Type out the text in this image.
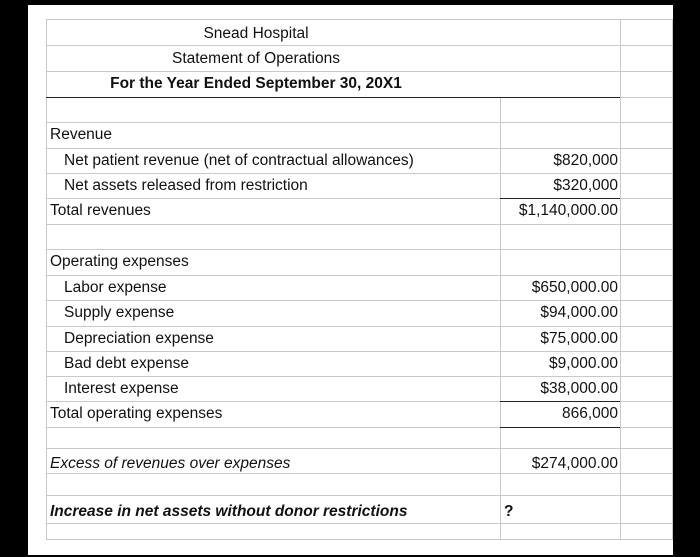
Snead Hospital
Statement of Operations
For the Year Ended September 30, 20X1
Revenue
Net patient revenue (net of contractual allowances)	$820,000
Net assets released from restriction	$320,000
Total revenues	$1,140,000.00
Operating expenses
Labor expense	$650,000.00
Supply expense	$94,000.00
Depreciation expense	$75,000.00
Bad debt expense	$9,000.00
Interest expense	$38,000.00
Total operating expenses	866,000
Excess of revenues over expenses	$274,000.00
Increase in net assets without donor restrictions	?
